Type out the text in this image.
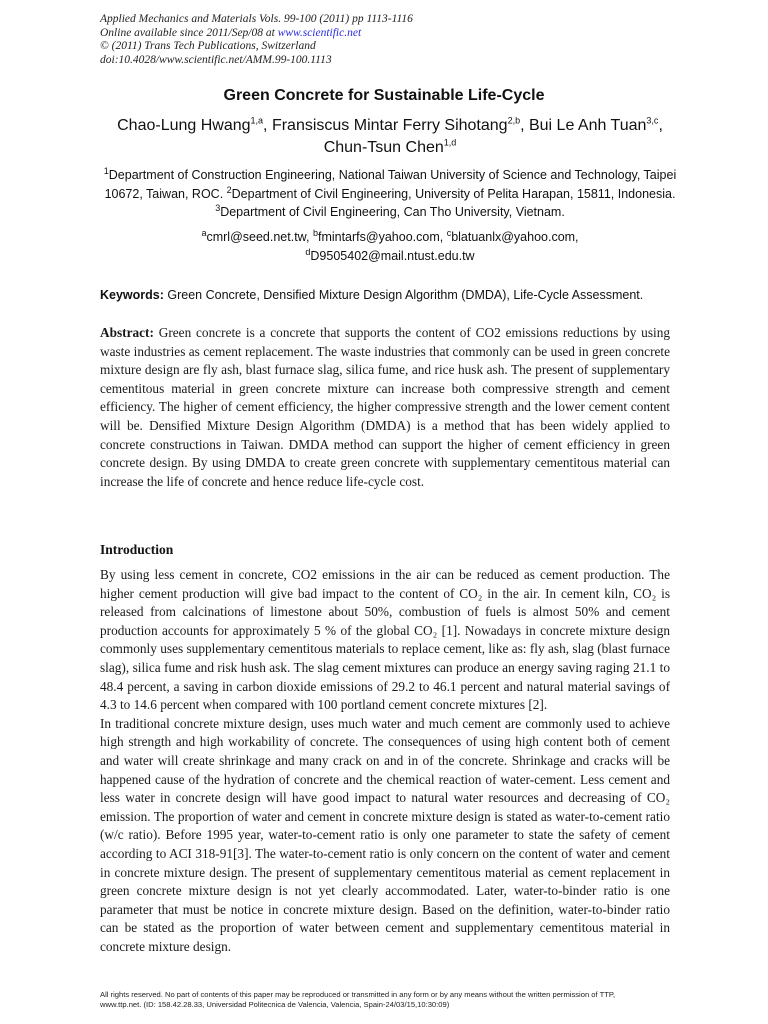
Applied Mechanics and Materials Vols. 99-100 (2011) pp 1113-1116
Online available since 2011/Sep/08 at www.scientific.net
© (2011) Trans Tech Publications, Switzerland
doi:10.4028/www.scientific.net/AMM.99-100.1113
Green Concrete for Sustainable Life-Cycle
Chao-Lung Hwang$^{1,a}$, Fransiscus Mintar Ferry Sihotang$^{2,b}$, Bui Le Anh Tuan$^{3,c}$,
Chun-Tsun Chen$^{1,d}$
$^1$Department of Construction Engineering, National Taiwan University of Science and Technology, Taipei 10672, Taiwan, ROC. $^2$Department of Civil Engineering, University of Pelita Harapan, 15811, Indonesia. $^3$Department of Civil Engineering, Can Tho University, Vietnam.
$^a$cmrl@seed.net.tw, $^b$fmintarfs@yahoo.com, $^c$blatuanlx@yahoo.com,
$^d$D9505402@mail.ntust.edu.tw
Keywords: Green Concrete, Densified Mixture Design Algorithm (DMDA), Life-Cycle Assessment.
Abstract: Green concrete is a concrete that supports the content of CO2 emissions reductions by using waste industries as cement replacement. The waste industries that commonly can be used in green concrete mixture design are fly ash, blast furnace slag, silica fume, and rice husk ash. The present of supplementary cementitous material in green concrete mixture can increase both compressive strength and cement efficiency. The higher of cement efficiency, the higher compressive strength and the lower cement content will be. Densified Mixture Design Algorithm (DMDA) is a method that has been widely applied to concrete constructions in Taiwan. DMDA method can support the higher of cement efficiency in green concrete design. By using DMDA to create green concrete with supplementary cementitous material can increase the life of concrete and hence reduce life-cycle cost.
Introduction

By using less cement in concrete, CO2 emissions in the air can be reduced as cement production. The higher cement production will give bad impact to the content of CO₂ in the air. In cement kiln, CO₂ is released from calcinations of limestone about 50%, combustion of fuels is almost 50% and cement production accounts for approximately 5 % of the global CO₂ [1]. Nowadays in concrete mixture design commonly uses supplementary cementitous materials to replace cement, like as: fly ash, slag (blast furnace slag), silica fume and risk hush ask. The slag cement mixtures can produce an energy saving raging 21.1 to 48.4 percent, a saving in carbon dioxide emissions of 29.2 to 46.1 percent and natural material savings of 4.3 to 14.6 percent when compared with 100 portland cement concrete mixtures [2].

In traditional concrete mixture design, uses much water and much cement are commonly used to achieve high strength and high workability of concrete. The consequences of using high content both of cement and water will create shrinkage and many crack on and in of the concrete. Shrinkage and cracks will be happened cause of the hydration of concrete and the chemical reaction of water-cement. Less cement and less water in concrete design will have good impact to natural water resources and decreasing of CO₂ emission. The proportion of water and cement in concrete mixture design is stated as water-to-cement ratio (w/c ratio). Before 1995 year, water-to-cement ratio is only one parameter to state the safety of cement according to ACI 318-91[3]. The water-to-cement ratio is only concern on the content of water and cement in concrete mixture design. The present of supplementary cementitous material as cement replacement in green concrete mixture design is not yet clearly accommodated. Later, water-to-binder ratio is one parameter that must be notice in concrete mixture design. Based on the definition, water-to-binder ratio can be stated as the proportion of water between cement and supplementary cementitous material in concrete mixture design.

All rights reserved. No part of contents of this paper may be reproduced or transmitted in any form or by any means without the written permission of TTP,
www.ttp.net. (ID: 158.42.28.33, Universidad Politecnica de Valencia, Valencia, Spain-24/03/15,10:30:09)
